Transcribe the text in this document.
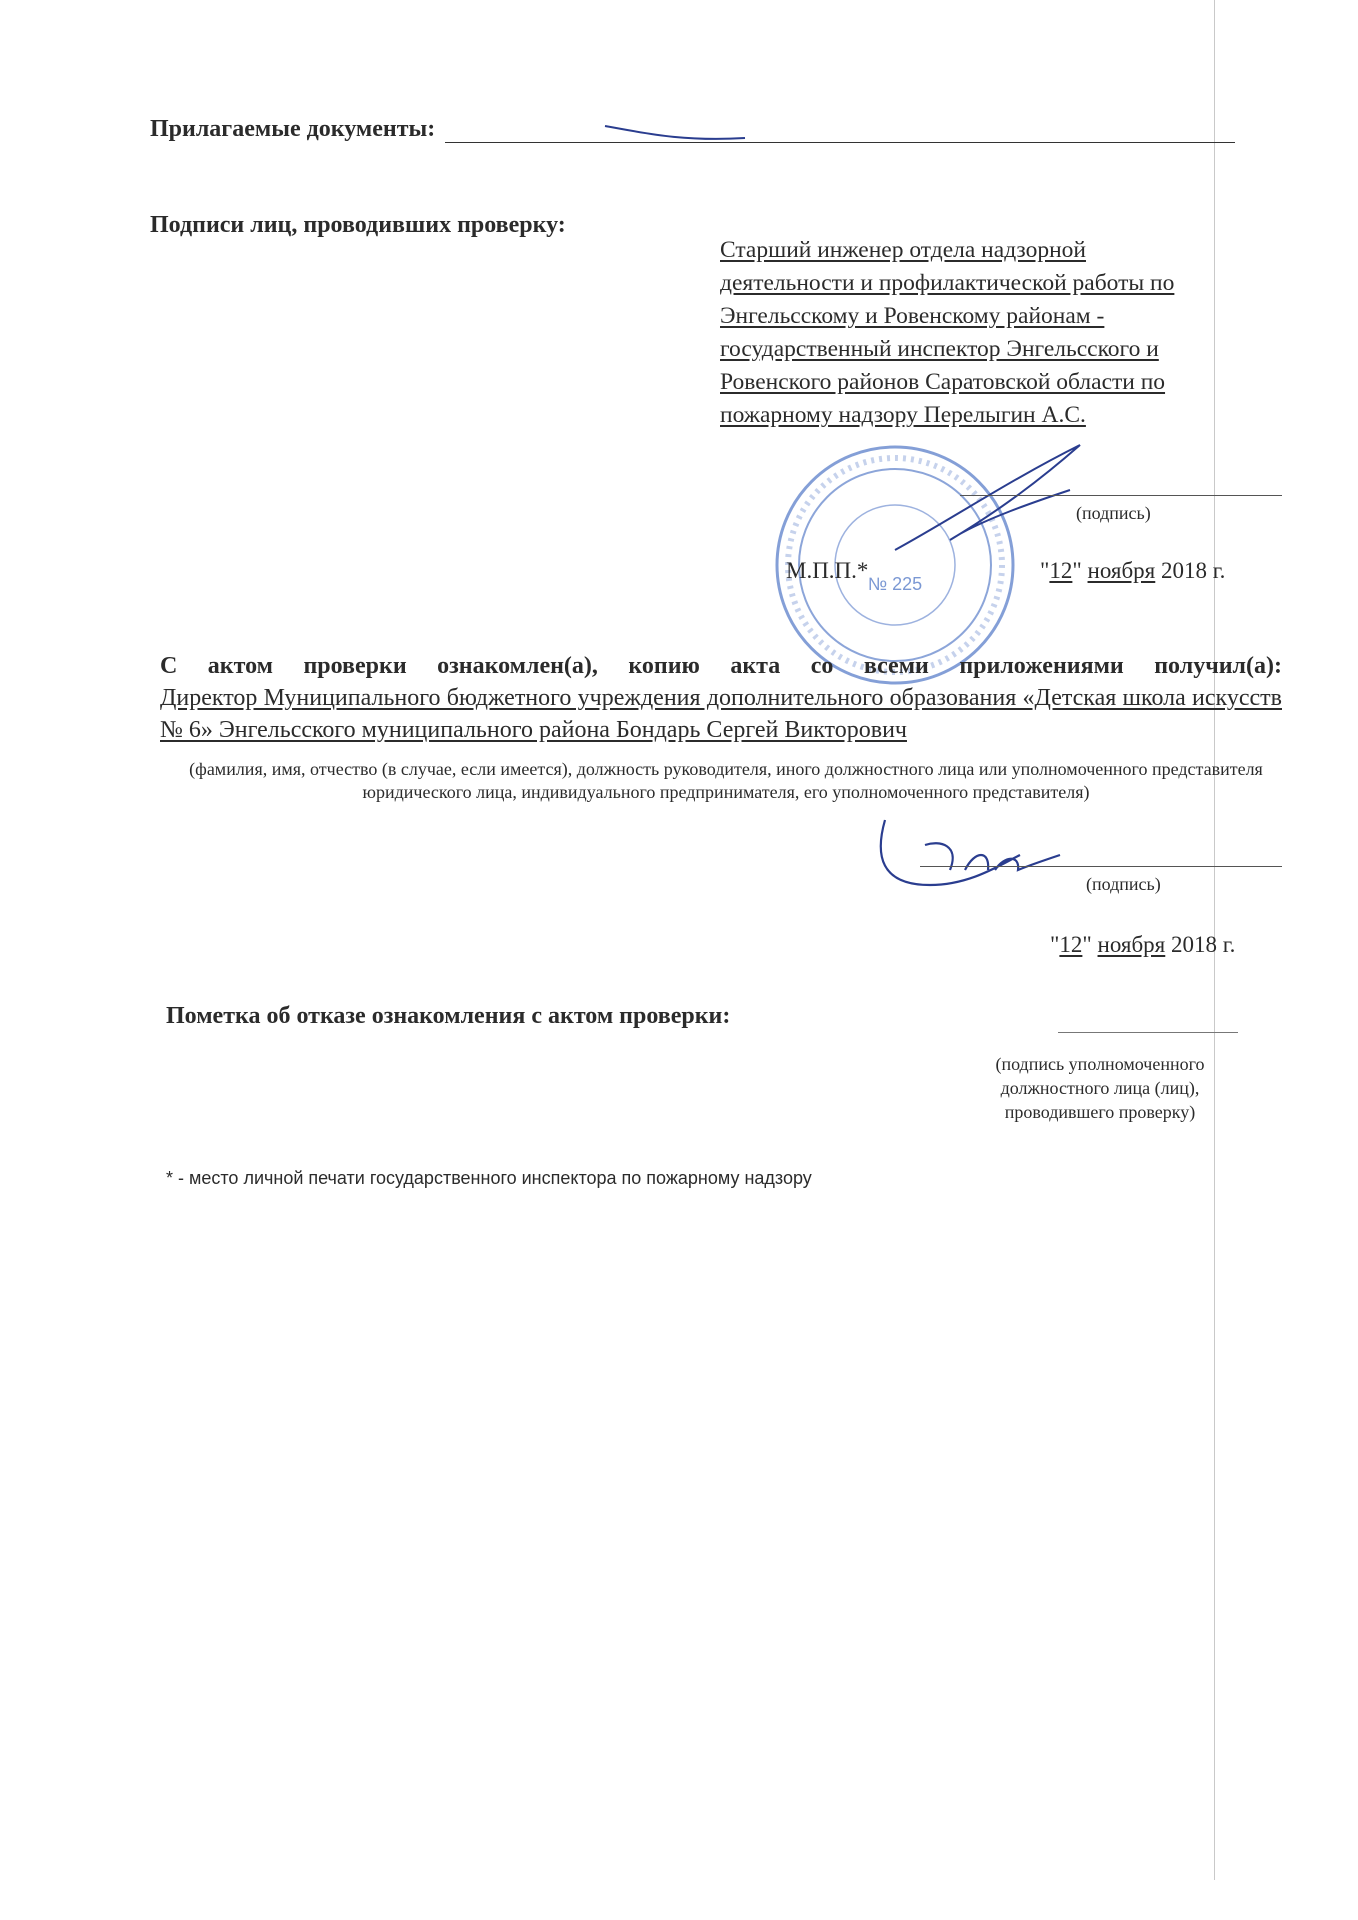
Прилагаемые документы:
Подписи лиц, проводивших проверку:
Старший инженер отдела надзорной
деятельности и профилактической работы по
Энгельсскому и Ровенскому районам -
государственный инспектор Энгельсского и
Ровенского районов Саратовской области по
пожарному надзору Перелыгин А.С.
№ 225
(подпись)
М.П.П.*	"12" ноября 2018 г.
С актом проверки ознакомлен(а), копию акта со всеми приложениями получил(а):
Директор Муниципального бюджетного учреждения дополнительного образования «Детская школа искусств № 6» Энгельсского муниципального района Бондарь Сергей Викторович
(фамилия, имя, отчество (в случае, если имеется), должность руководителя, иного должностного лица или уполномоченного представителя юридического лица, индивидуального предпринимателя, его уполномоченного представителя)
(подпись)
"12" ноября 2018 г.
Пометка об отказе ознакомления с актом проверки:
(подпись уполномоченного
должностного лица (лиц),
проводившего проверку)
* - место личной печати государственного инспектора по пожарному надзору
